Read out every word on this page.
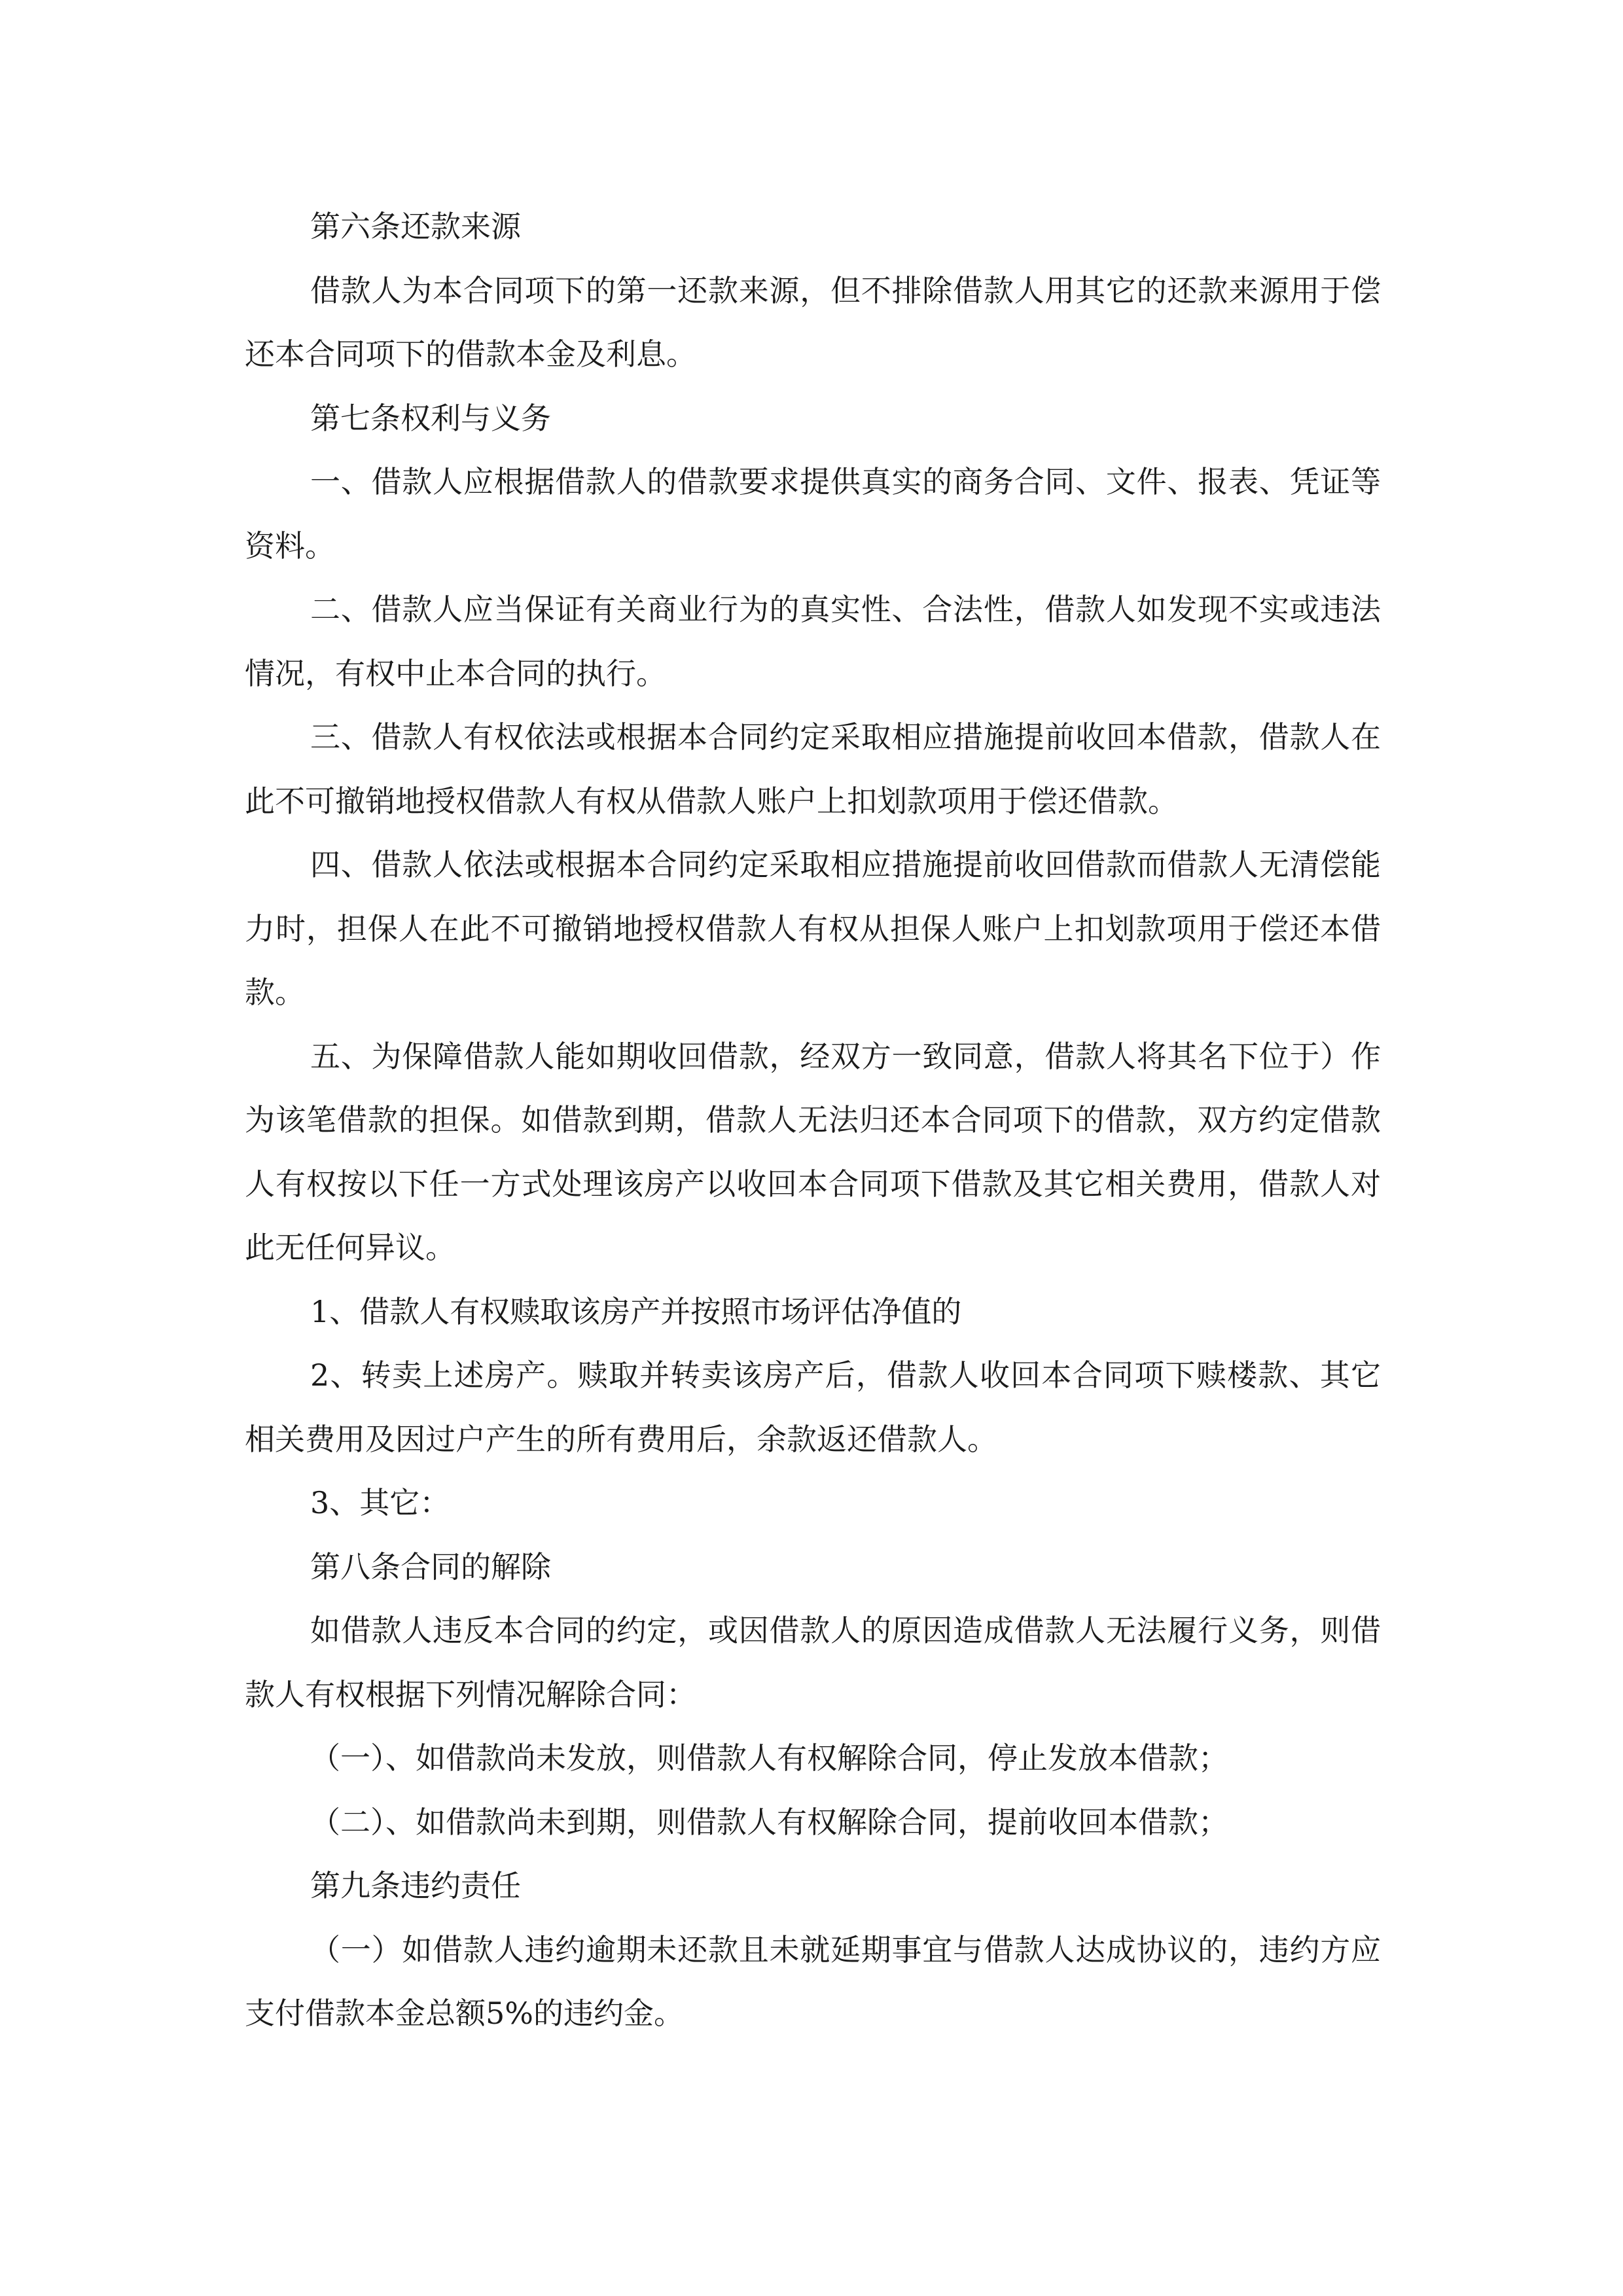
第六条还款来源

借款人为本合同项下的第一还款来源，但不排除借款人用其它的还款来源用于偿还本合同项下的借款本金及利息。

第七条权利与义务

一、借款人应根据借款人的借款要求提供真实的商务合同、文件、报表、凭证等资料。

二、借款人应当保证有关商业行为的真实性、合法性，借款人如发现不实或违法情况，有权中止本合同的执行。

三、借款人有权依法或根据本合同约定采取相应措施提前收回本借款，借款人在此不可撤销地授权借款人有权从借款人账户上扣划款项用于偿还借款。

四、借款人依法或根据本合同约定采取相应措施提前收回借款而借款人无清偿能力时，担保人在此不可撤销地授权借款人有权从担保人账户上扣划款项用于偿还本借款。

五、为保障借款人能如期收回借款，经双方一致同意，借款人将其名下位于）作为该笔借款的担保。如借款到期，借款人无法归还本合同项下的借款，双方约定借款人有权按以下任一方式处理该房产以收回本合同项下借款及其它相关费用，借款人对此无任何异议。

1、借款人有权赎取该房产并按照市场评估净值的

2、转卖上述房产。赎取并转卖该房产后，借款人收回本合同项下赎楼款、其它相关费用及因过户产生的所有费用后，余款返还借款人。

3、其它：

第八条合同的解除

如借款人违反本合同的约定，或因借款人的原因造成借款人无法履行义务，则借款人有权根据下列情况解除合同：

（一）、如借款尚未发放，则借款人有权解除合同，停止发放本借款；

（二）、如借款尚未到期，则借款人有权解除合同，提前收回本借款；

第九条违约责任

（一）如借款人违约逾期未还款且未就延期事宜与借款人达成协议的，违约方应支付借款本金总额5%的违约金。
